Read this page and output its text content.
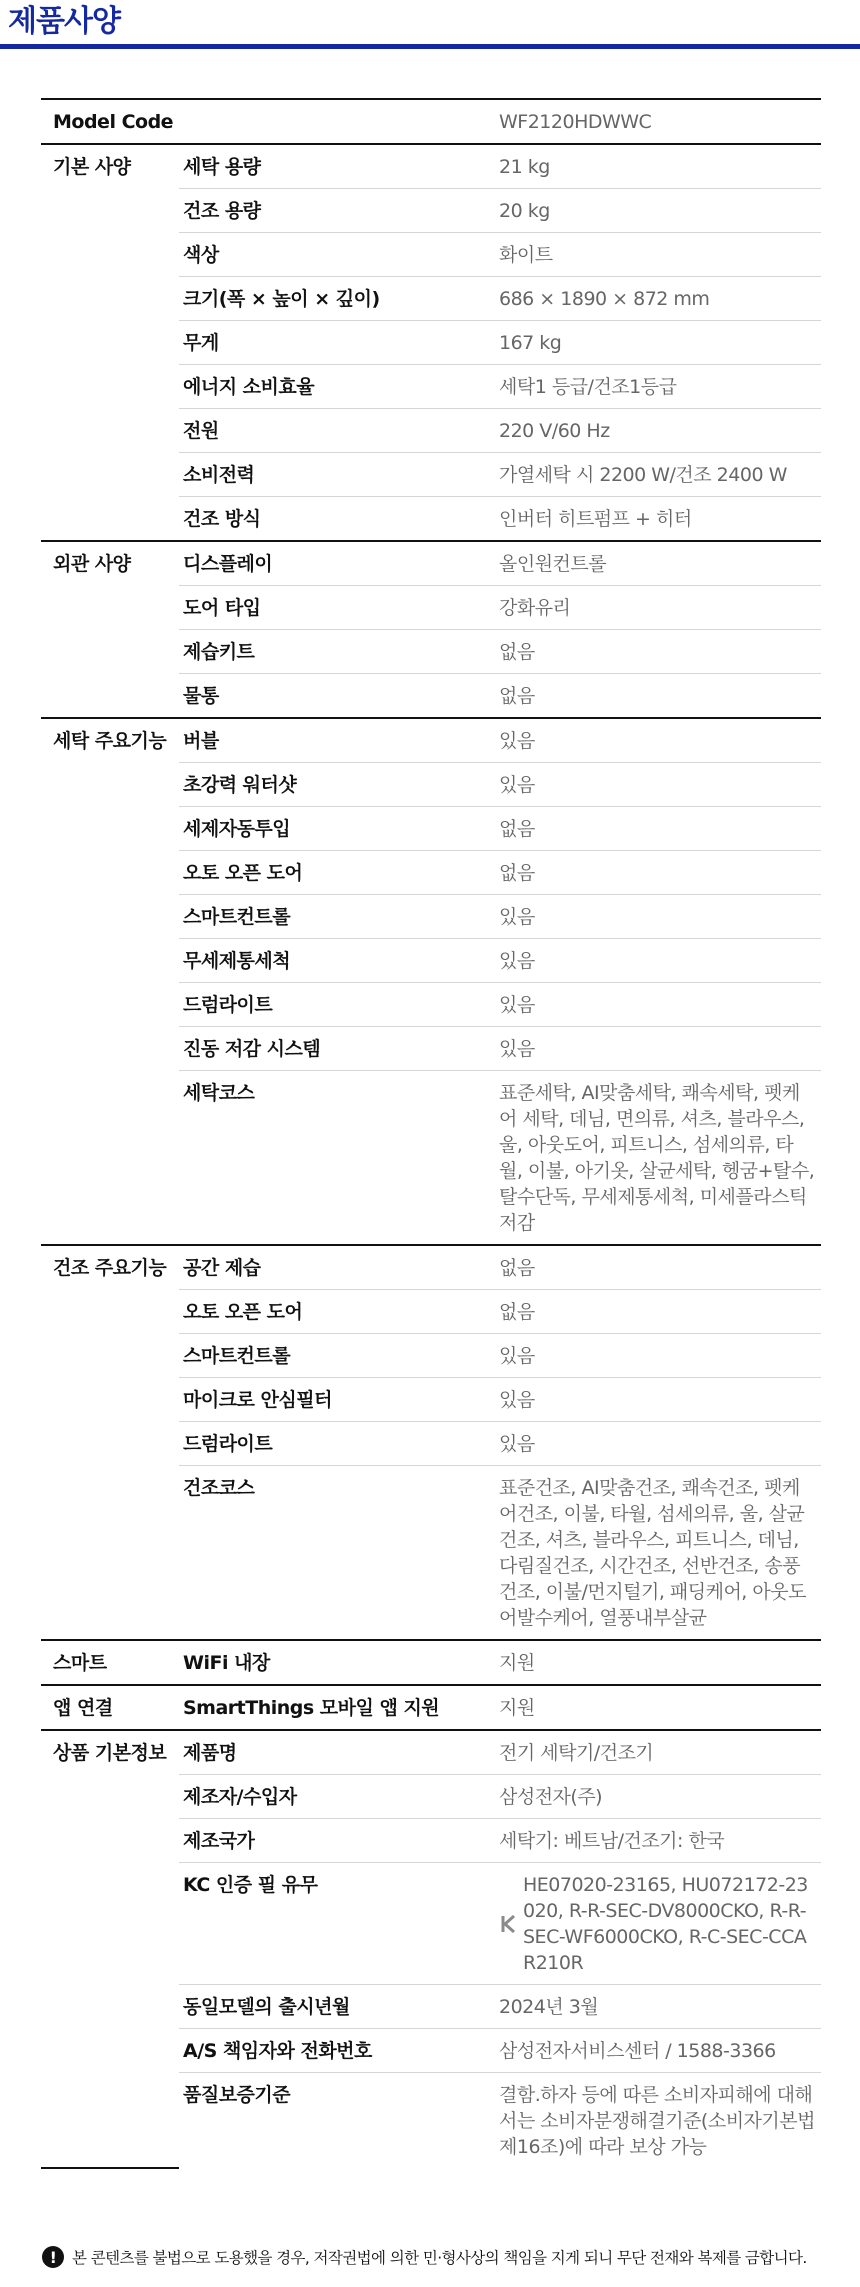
제품사양
Model Code		WF2120HDWWC
기본 사양	세탁 용량	21 kg
	건조 용량	20 kg
	색상	화이트
	크기(폭 × 높이 × 깊이)	686 × 1890 × 872 mm
	무게	167 kg
	에너지 소비효율	세탁1 등급/건조1등급
	전원	220 V/60 Hz
	소비전력	가열세탁 시 2200 W/건조 2400 W
	건조 방식	인버터 히트펌프 + 히터
외관 사양	디스플레이	올인원컨트롤
	도어 타입	강화유리
	제습키트	없음
	물통	없음
세탁 주요기능	버블	있음
	초강력 워터샷	있음
	세제자동투입	없음
	오토 오픈 도어	없음
	스마트컨트롤	있음
	무세제통세척	있음
	드럼라이트	있음
	진동 저감 시스템	있음
	세탁코스	표준세탁, AI맞춤세탁, 쾌속세탁, 펫케어 세탁, 데님, 면의류, 셔츠, 블라우스, 울, 아웃도어, 피트니스, 섬세의류, 타월, 이불, 아기옷, 살균세탁, 헹굼+탈수, 탈수단독, 무세제통세척, 미세플라스틱저감
건조 주요기능	공간 제습	없음
	오토 오픈 도어	없음
	스마트컨트롤	있음
	마이크로 안심필터	있음
	드럼라이트	있음
	건조코스	표준건조, AI맞춤건조, 쾌속건조, 펫케어건조, 이불, 타월, 섬세의류, 울, 살균건조, 셔츠, 블라우스, 피트니스, 데님, 다림질건조, 시간건조, 선반건조, 송풍건조, 이불/먼지털기, 패딩케어, 아웃도어발수케어, 열풍내부살균
스마트	WiFi 내장	지원
앱 연결	SmartThings 모바일 앱 지원	지원
상품 기본정보	제품명	전기 세탁기/건조기
	제조자/수입자	삼성전자(주)
	제조국가	세탁기: 베트남/건조기: 한국
	KC 인증 필 유무	HE07020-23165, HU072172-23020, R-R-SEC-DV8000CKO, R-R-SEC-WF6000CKO, R-C-SEC-CCAR210R

	동일모델의 출시년월	2024년 3월
	A/S 책임자와 전화번호	삼성전자서비스센터 / 1588-3366
	품질보증기준	결함.하자 등에 따른 소비자피해에 대해서는 소비자분쟁해결기준(소비자기본법 제16조)에 따라 보상 가능
!	본 콘텐츠를 불법으로 도용했을 경우, 저작권법에 의한 민·형사상의 책임을 지게 되니 무단 전재와 복제를 금합니다.
